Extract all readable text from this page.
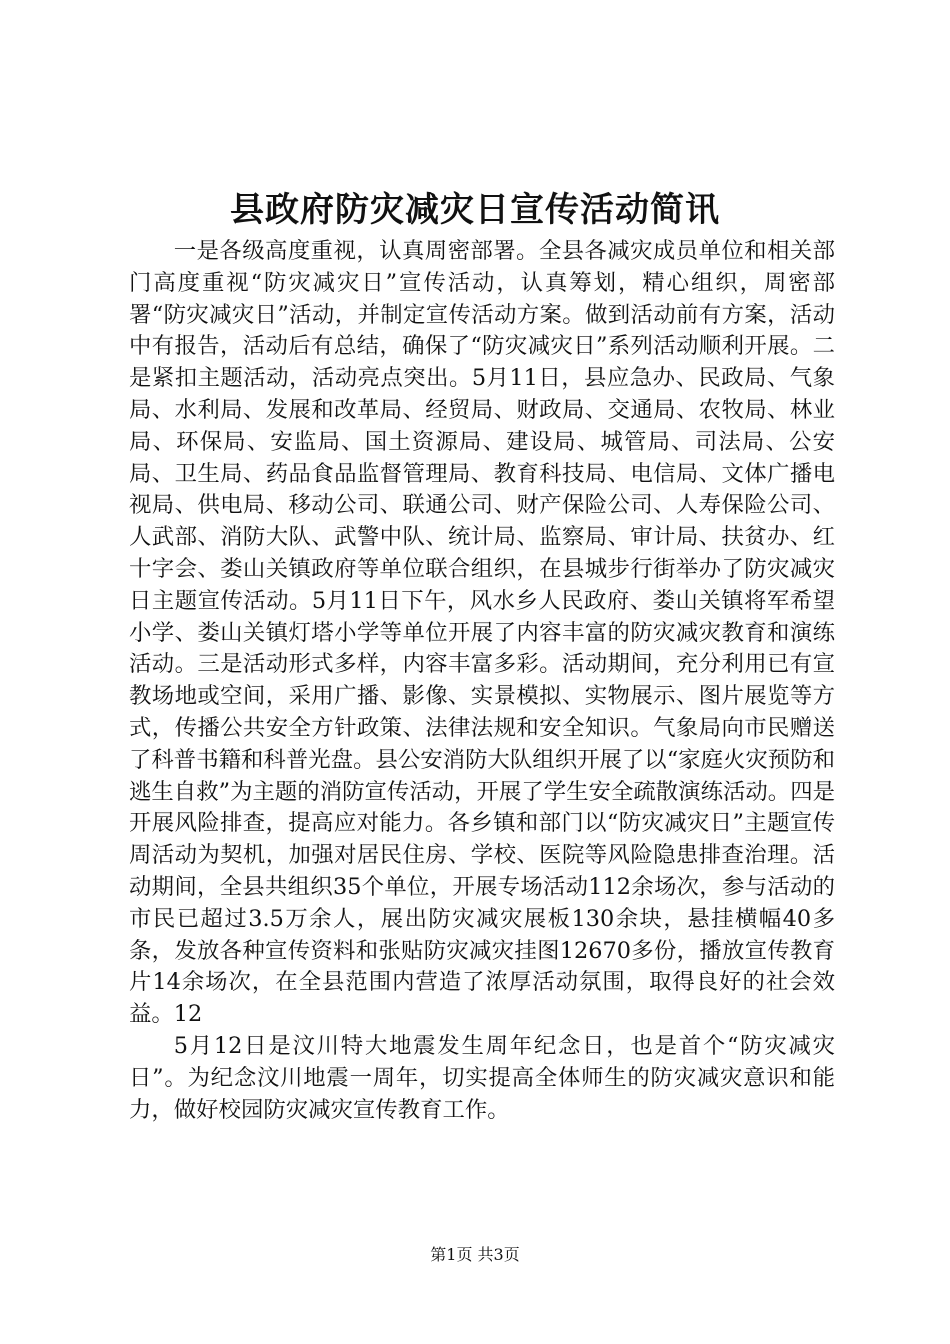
县政府防灾减灾日宣传活动简讯

一是各级高度重视，认真周密部署。全县各减灾成员单位和相关部门高度重视“防灾减灾日”宣传活动，认真筹划，精心组织，周密部署“防灾减灾日”活动，并制定宣传活动方案。做到活动前有方案，活动中有报告，活动后有总结，确保了“防灾减灾日”系列活动顺利开展。二是紧扣主题活动，活动亮点突出。5月11日，县应急办、民政局、气象局、水利局、发展和改革局、经贸局、财政局、交通局、农牧局、林业局、环保局、安监局、国土资源局、建设局、城管局、司法局、公安局、卫生局、药品食品监督管理局、教育科技局、电信局、文体广播电视局、供电局、移动公司、联通公司、财产保险公司、人寿保险公司、人武部、消防大队、武警中队、统计局、监察局、审计局、扶贫办、红十字会、娄山关镇政府等单位联合组织，在县城步行街举办了防灾减灾日主题宣传活动。5月11日下午，风水乡人民政府、娄山关镇将军希望小学、娄山关镇灯塔小学等单位开展了内容丰富的防灾减灾教育和演练活动。三是活动形式多样，内容丰富多彩。活动期间，充分利用已有宣教场地或空间，采用广播、影像、实景模拟、实物展示、图片展览等方式，传播公共安全方针政策、法律法规和安全知识。气象局向市民赠送了科普书籍和科普光盘。县公安消防大队组织开展了以“家庭火灾预防和逃生自救”为主题的消防宣传活动，开展了学生安全疏散演练活动。四是开展风险排查，提高应对能力。各乡镇和部门以“防灾减灾日”主题宣传周活动为契机，加强对居民住房、学校、医院等风险隐患排查治理。活动期间，全县共组织35个单位，开展专场活动112余场次，参与活动的市民已超过3.5万余人，展出防灾减灾展板130余块，悬挂横幅40多条，发放各种宣传资料和张贴防灾减灾挂图12670多份，播放宣传教育片14余场次，在全县范围内营造了浓厚活动氛围，取得良好的社会效益。12

5月12日是汶川特大地震发生周年纪念日，也是首个“防灾减灾日”。为纪念汶川地震一周年，切实提高全体师生的防灾减灾意识和能力，做好校园防灾减灾宣传教育工作。

第1页 共3页
